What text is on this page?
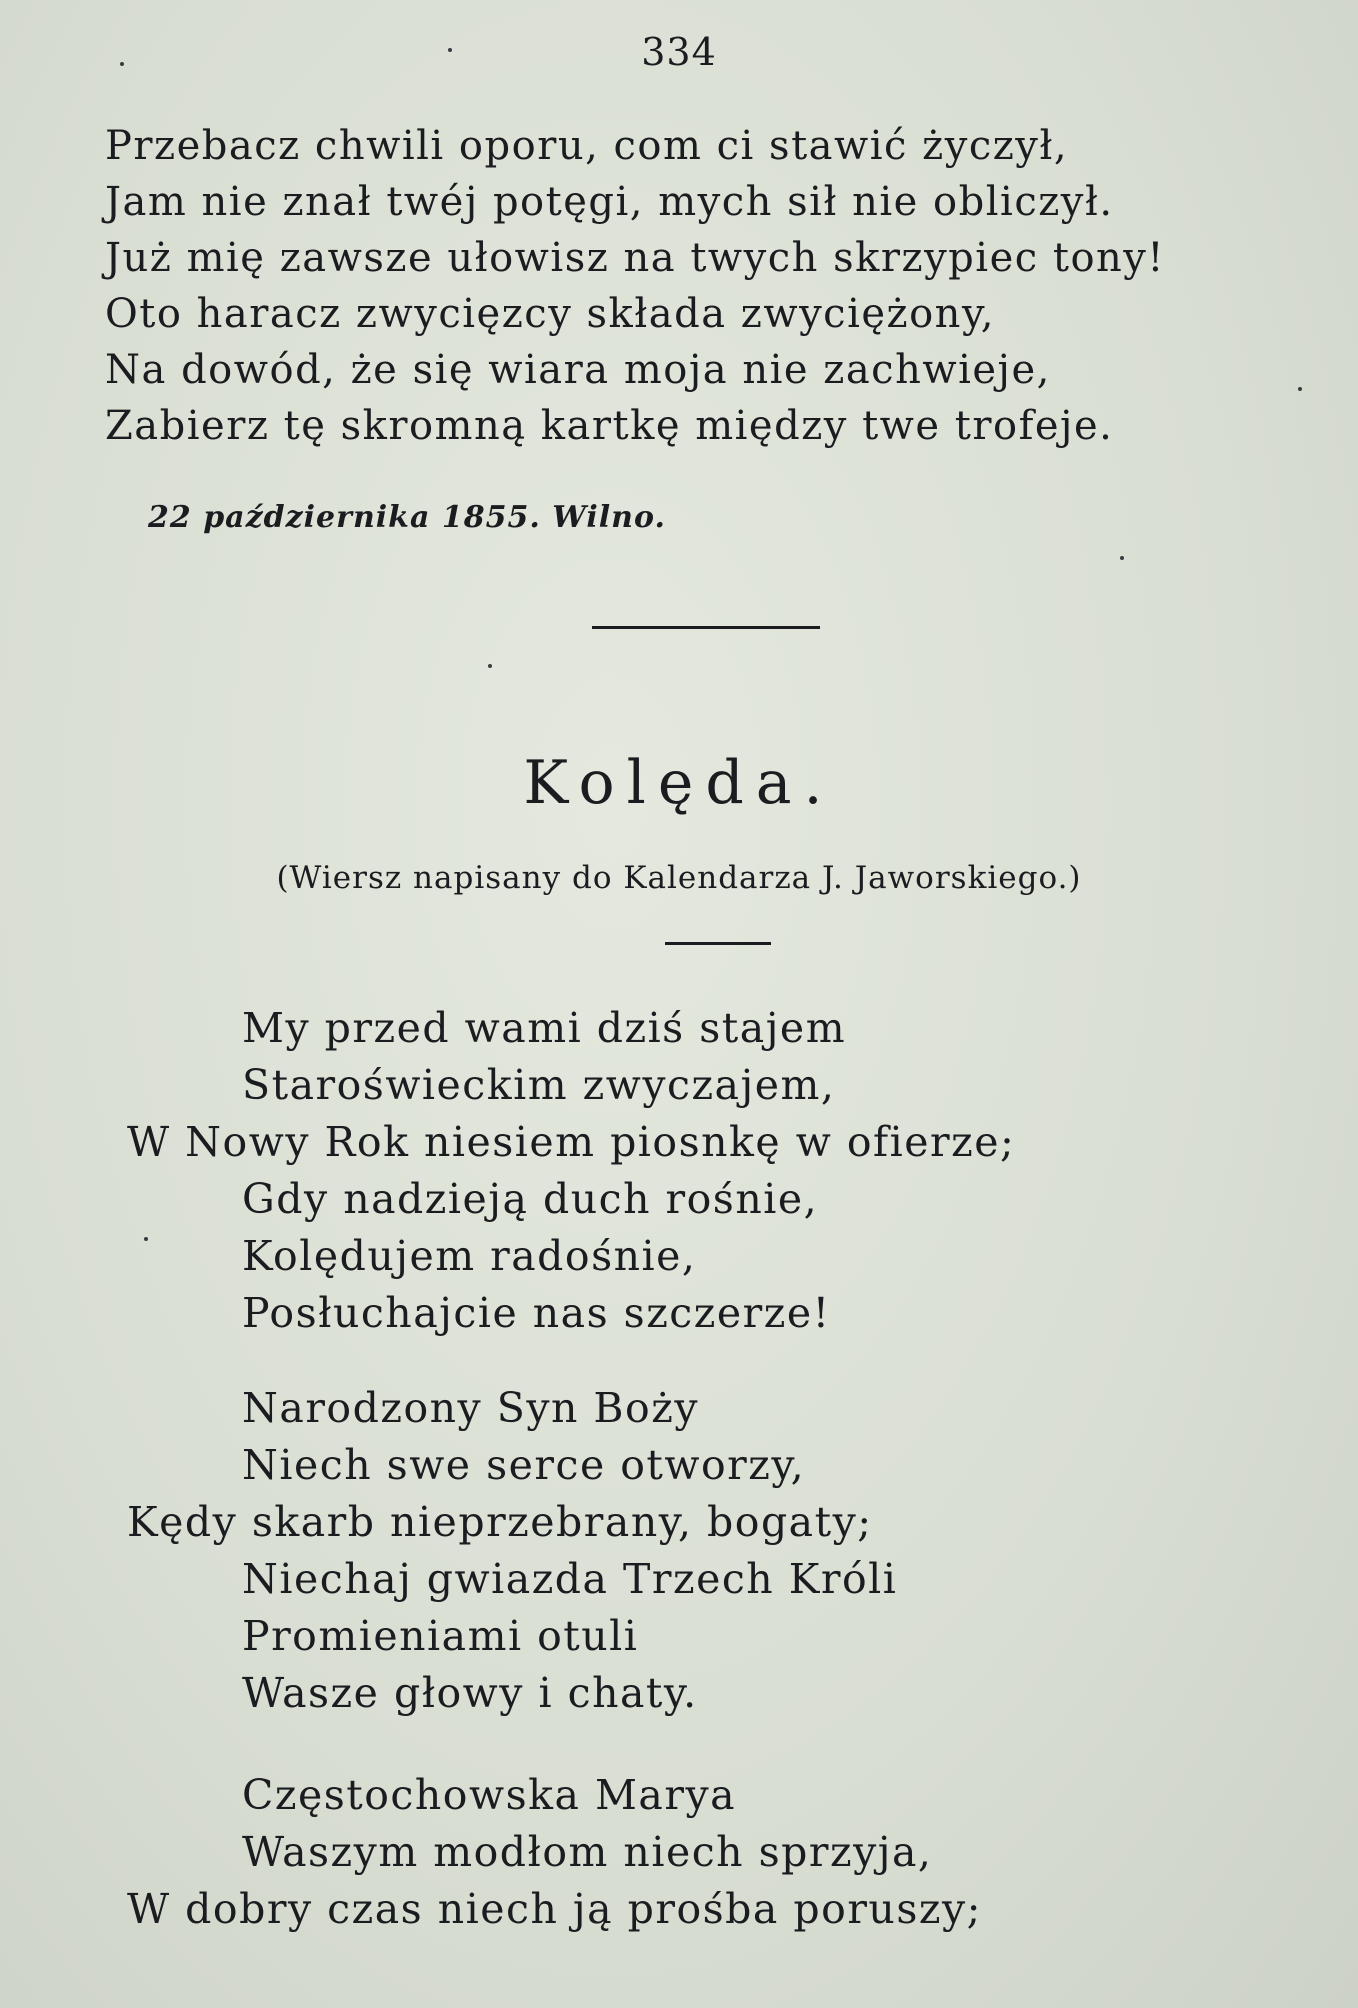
334
Przebacz chwili oporu, com ci stawić życzył,
Jam nie znał twéj potęgi, mych sił nie obliczył.
Już mię zawsze ułowisz na twych skrzypiec tony!
Oto haracz zwycięzcy składa zwyciężony,
Na dowód, że się wiara moja nie zachwieje,
Zabierz tę skromną kartkę między twe trofeje.
22 października 1855. Wilno.
Kolęda.
(Wiersz napisany do Kalendarza J. Jaworskiego.)
My przed wami dziś stajem
Staroświeckim zwyczajem,
W Nowy Rok niesiem piosnkę w ofierze;
Gdy nadzieją duch rośnie,
Kolędujem radośnie,
Posłuchajcie nas szczerze!
Narodzony Syn Boży
Niech swe serce otworzy,
Kędy skarb nieprzebrany, bogaty;
Niechaj gwiazda Trzech Króli
Promieniami otuli
Wasze głowy i chaty.
Częstochowska Marya
Waszym modłom niech sprzyja,
W dobry czas niech ją prośba poruszy;
